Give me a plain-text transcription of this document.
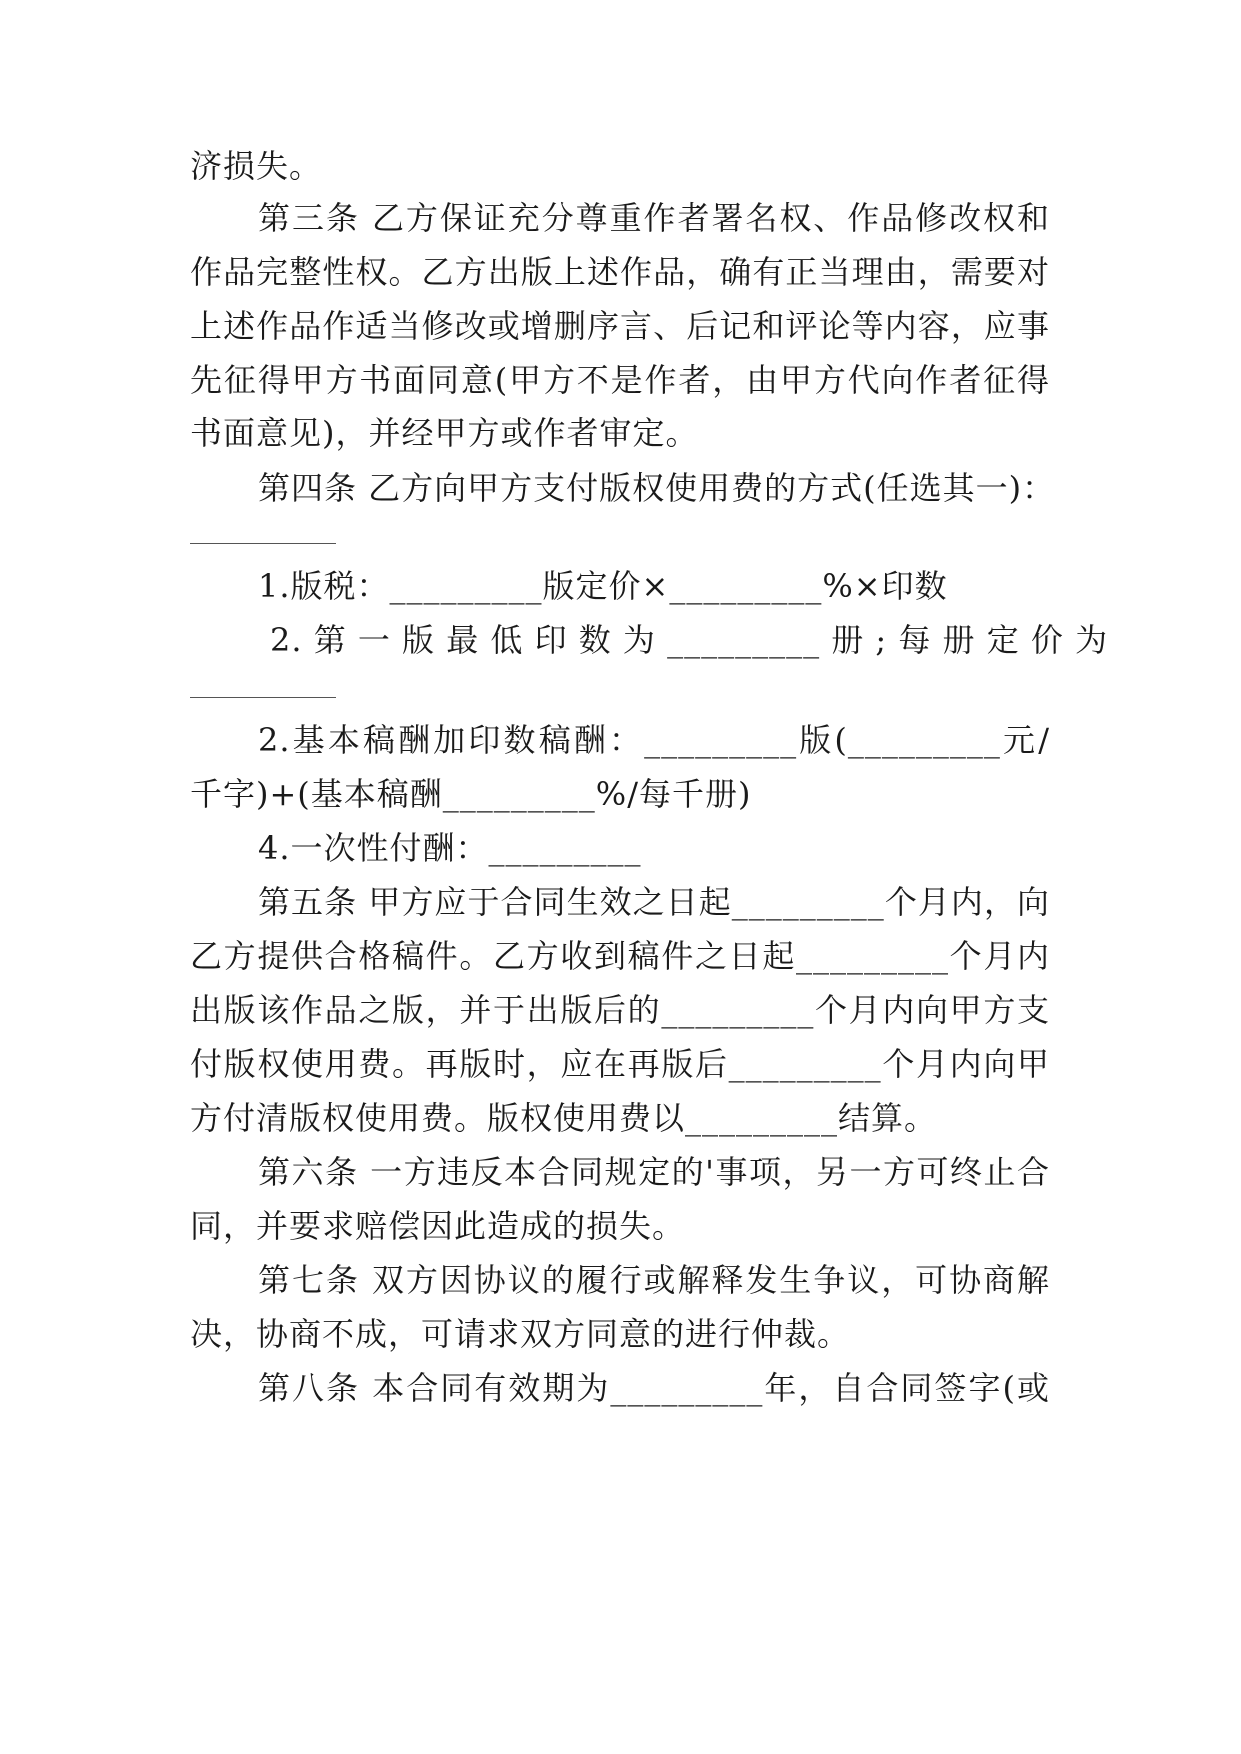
济损失。
第三条 乙方保证充分尊重作者署名权、作品修改权和
作品完整性权。乙方出版上述作品，确有正当理由，需要对
上述作品作适当修改或增删序言、后记和评论等内容，应事
先征得甲方书面同意(甲方不是作者，由甲方代向作者征得
书面意见)，并经甲方或作者审定。
第四条 乙方向甲方支付版权使用费的方式(任选其一)：
1.版税：_________版定价×_________%×印数
2. 第 一 版 最 低 印 数 为 _________ 册 ; 每 册 定 价 为
2.基本稿酬加印数稿酬：_________版(_________元/
千字)+(基本稿酬_________%/每千册)
4.一次性付酬：_________
第五条 甲方应于合同生效之日起_________个月内，向
乙方提供合格稿件。乙方收到稿件之日起_________个月内
出版该作品之版，并于出版后的_________个月内向甲方支
付版权使用费。再版时，应在再版后_________个月内向甲
方付清版权使用费。版权使用费以_________结算。
第六条 一方违反本合同规定的'事项，另一方可终止合
同，并要求赔偿因此造成的损失。
第七条 双方因协议的履行或解释发生争议，可协商解
决，协商不成，可请求双方同意的进行仲裁。
第八条 本合同有效期为_________年，自合同签字(或
